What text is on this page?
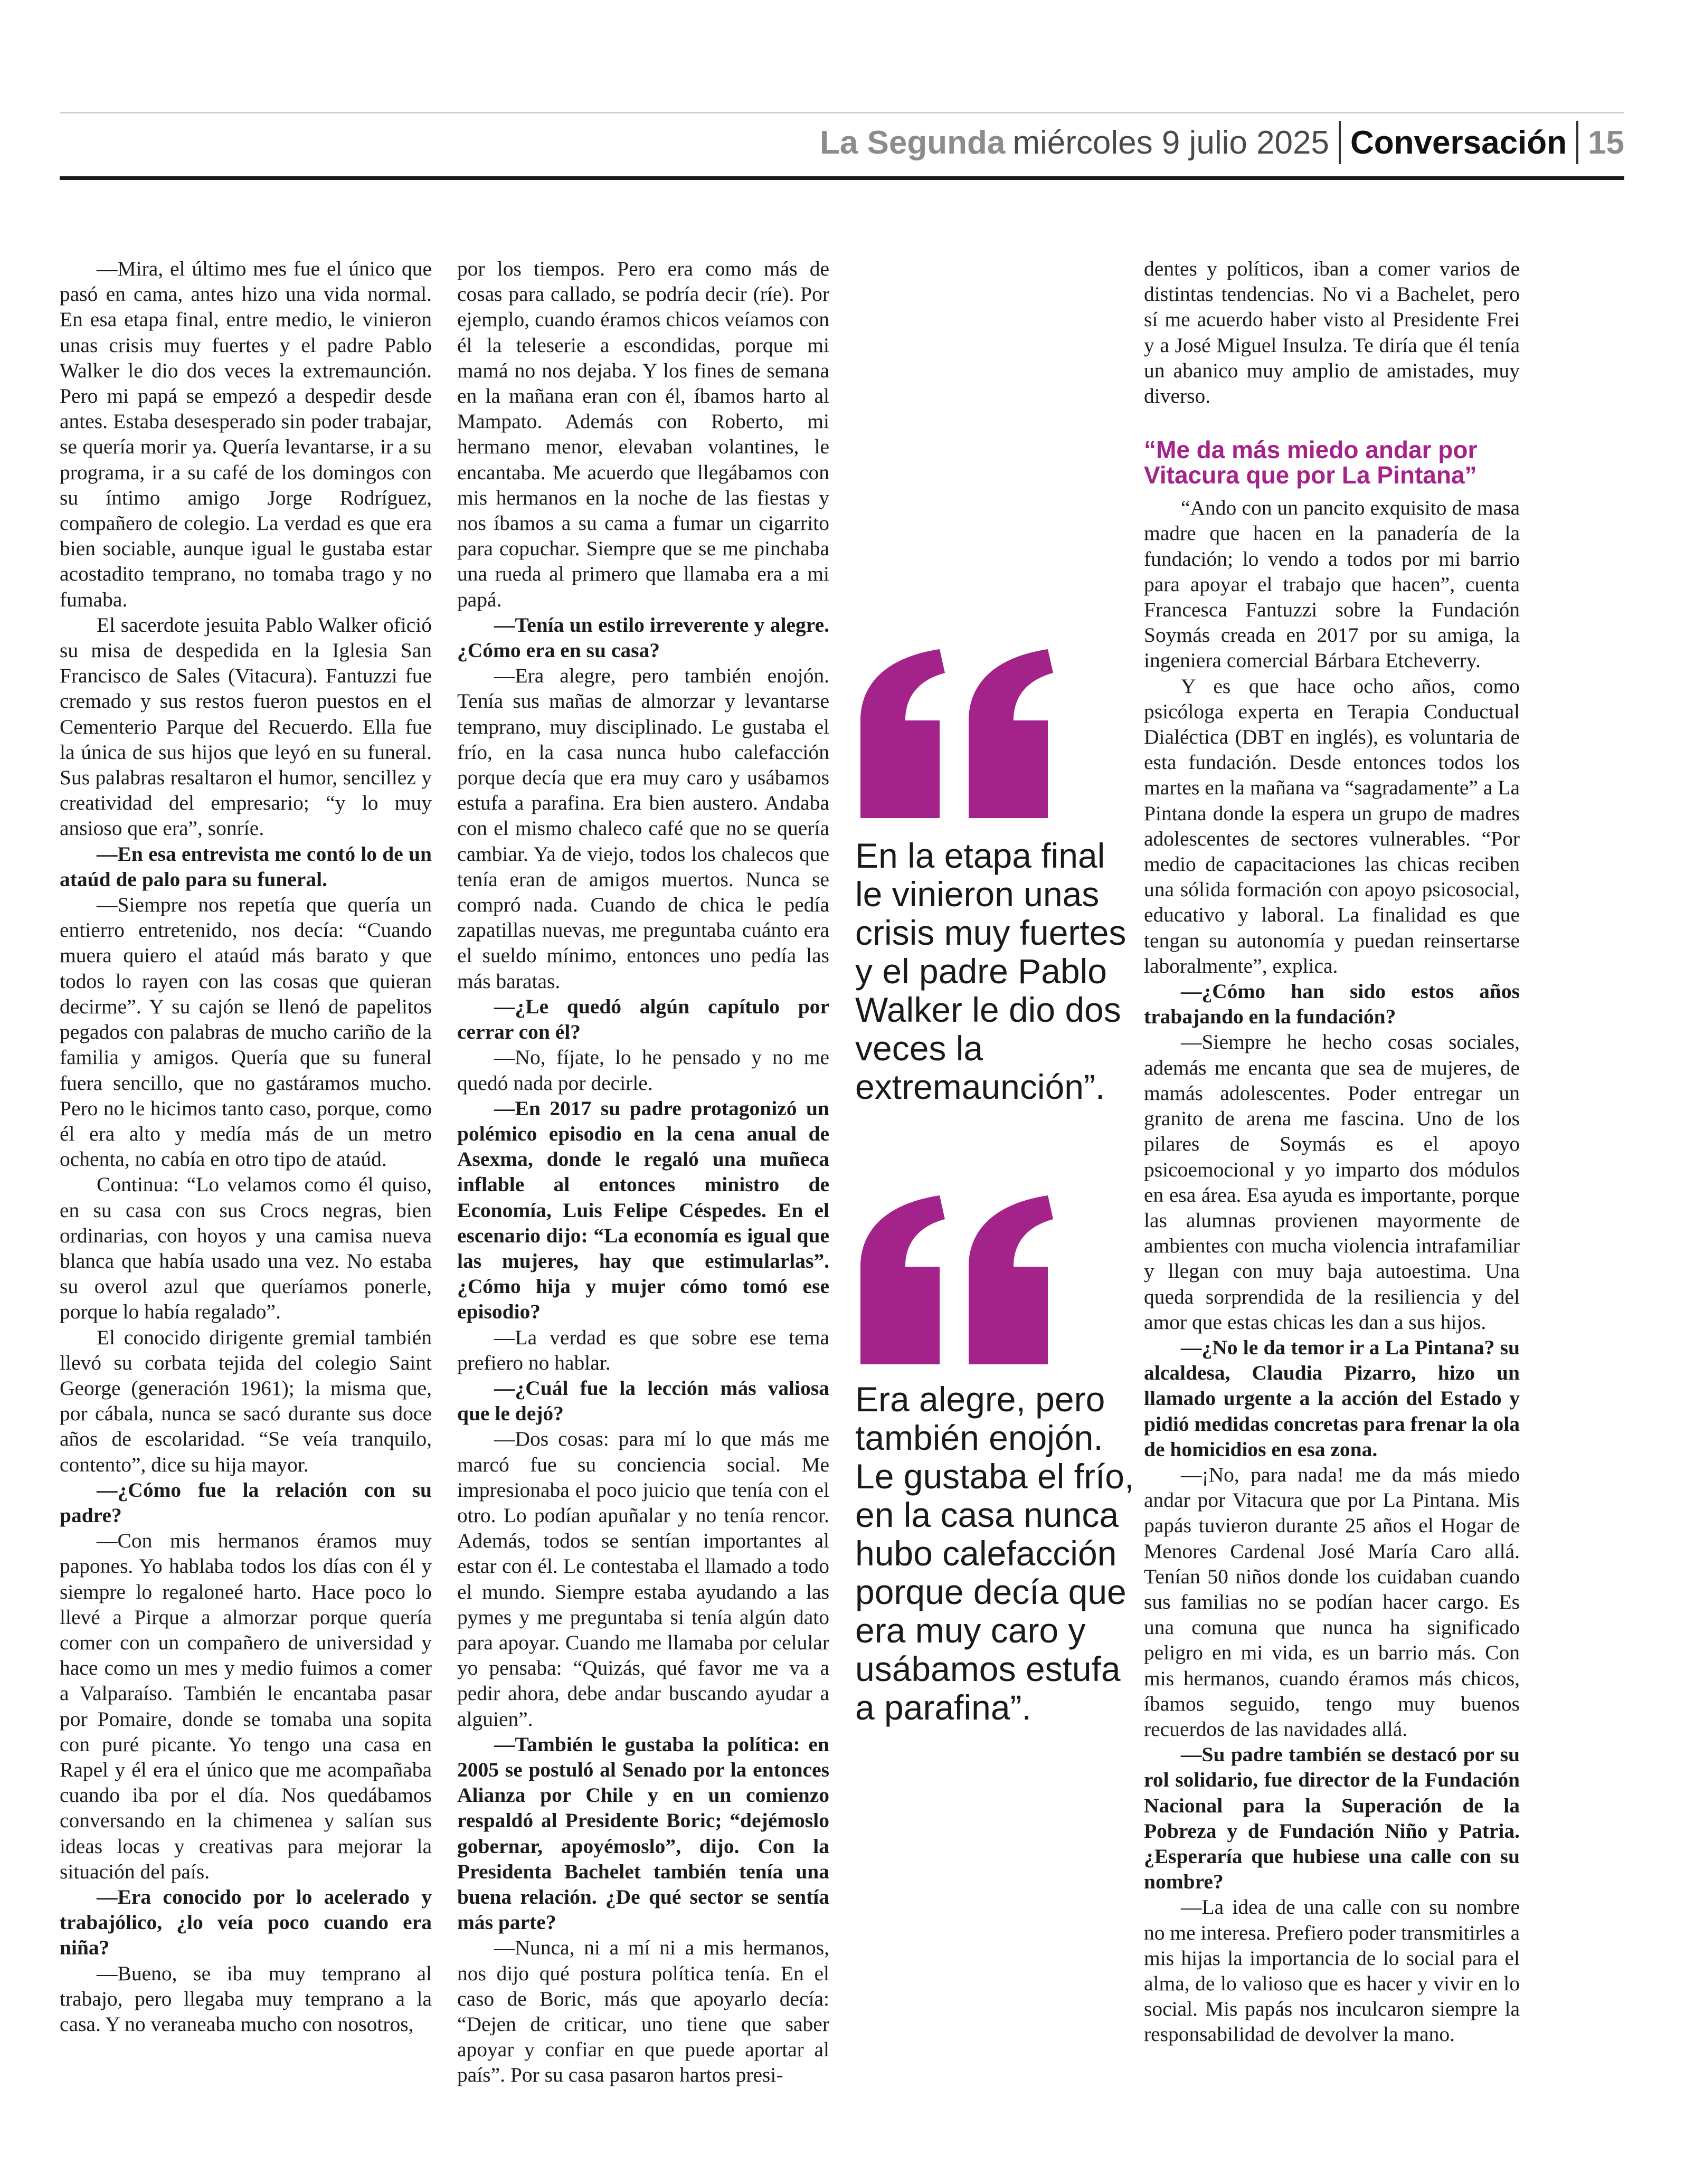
La Segunda miércoles 9 julio 2025 Conversación 15

—Mira, el último mes fue el único que pasó en cama, antes hizo una vida normal. En esa etapa final, entre medio, le vinieron unas crisis muy fuertes y el padre Pablo Walker le dio dos veces la extremaunción. Pero mi papá se empezó a despedir desde antes. Estaba desesperado sin poder trabajar, se quería morir ya. Quería levantarse, ir a su programa, ir a su café de los domingos con su íntimo amigo Jorge Rodríguez, compañero de colegio. La verdad es que era bien sociable, aunque igual le gustaba estar acostadito temprano, no tomaba trago y no fumaba.

El sacerdote jesuita Pablo Walker ofició su misa de despedida en la Iglesia San Francisco de Sales (Vitacura). Fantuzzi fue cremado y sus restos fueron puestos en el Cementerio Parque del Recuerdo. Ella fue la única de sus hijos que leyó en su funeral. Sus palabras resaltaron el humor, sencillez y creatividad del empresario; “y lo muy ansioso que era”, sonríe.

—En esa entrevista me contó lo de un ataúd de palo para su funeral.

—Siempre nos repetía que quería un entierro entretenido, nos decía: “Cuando muera quiero el ataúd más barato y que todos lo rayen con las cosas que quieran decirme”. Y su cajón se llenó de papelitos pegados con palabras de mucho cariño de la familia y amigos. Quería que su funeral fuera sencillo, que no gastáramos mucho. Pero no le hicimos tanto caso, porque, como él era alto y medía más de un metro ochenta, no cabía en otro tipo de ataúd.

Continua: “Lo velamos como él quiso, en su casa con sus Crocs negras, bien ordinarias, con hoyos y una camisa nueva blanca que había usado una vez. No estaba su overol azul que queríamos ponerle, porque lo había regalado”.

El conocido dirigente gremial también llevó su corbata tejida del colegio Saint George (generación 1961); la misma que, por cábala, nunca se sacó durante sus doce años de escolaridad. “Se veía tranquilo, contento”, dice su hija mayor.

—¿Cómo fue la relación con su padre?

—Con mis hermanos éramos muy papones. Yo hablaba todos los días con él y siempre lo regaloneé harto. Hace poco lo llevé a Pirque a almorzar porque quería comer con un compañero de universidad y hace como un mes y medio fuimos a comer a Valparaíso. También le encantaba pasar por Pomaire, donde se tomaba una sopita con puré picante. Yo tengo una casa en Rapel y él era el único que me acompañaba cuando iba por el día. Nos quedábamos conversando en la chimenea y salían sus ideas locas y creativas para mejorar la situación del país.

—Era conocido por lo acelerado y trabajólico, ¿lo veía poco cuando era niña?

—Bueno, se iba muy temprano al trabajo, pero llegaba muy temprano a la casa. Y no veraneaba mucho con nosotros,

por los tiempos. Pero era como más de cosas para callado, se podría decir (ríe). Por ejemplo, cuando éramos chicos veíamos con él la teleserie a escondidas, porque mi mamá no nos dejaba. Y los fines de semana en la mañana eran con él, íbamos harto al Mampato. Además con Roberto, mi hermano menor, elevaban volantines, le encantaba. Me acuerdo que llegábamos con mis hermanos en la noche de las fiestas y nos íbamos a su cama a fumar un cigarrito para copuchar. Siempre que se me pinchaba una rueda al primero que llamaba era a mi papá.

—Tenía un estilo irreverente y alegre. ¿Cómo era en su casa?

—Era alegre, pero también enojón. Tenía sus mañas de almorzar y levantarse temprano, muy disciplinado. Le gustaba el frío, en la casa nunca hubo calefacción porque decía que era muy caro y usábamos estufa a parafina. Era bien austero. Andaba con el mismo chaleco café que no se quería cambiar. Ya de viejo, todos los chalecos que tenía eran de amigos muertos. Nunca se compró nada. Cuando de chica le pedía zapatillas nuevas, me preguntaba cuánto era el sueldo mínimo, entonces uno pedía las más baratas.

—¿Le quedó algún capítulo por cerrar con él?

—No, fíjate, lo he pensado y no me quedó nada por decirle.

—En 2017 su padre protagonizó un polémico episodio en la cena anual de Asexma, donde le regaló una muñeca inflable al entonces ministro de Economía, Luis Felipe Céspedes. En el escenario dijo: “La economía es igual que las mujeres, hay que estimularlas”. ¿Cómo hija y mujer cómo tomó ese episodio?

—La verdad es que sobre ese tema prefiero no hablar.

—¿Cuál fue la lección más valiosa que le dejó?

—Dos cosas: para mí lo que más me marcó fue su conciencia social. Me impresionaba el poco juicio que tenía con el otro. Lo podían apuñalar y no tenía rencor. Además, todos se sentían importantes al estar con él. Le contestaba el llamado a todo el mundo. Siempre estaba ayudando a las pymes y me preguntaba si tenía algún dato para apoyar. Cuando me llamaba por celular yo pensaba: “Quizás, qué favor me va a pedir ahora, debe andar buscando ayudar a alguien”.

—También le gustaba la política: en 2005 se postuló al Senado por la entonces Alianza por Chile y en un comienzo respaldó al Presidente Boric; “dejémoslo gobernar, apoyémoslo”, dijo. Con la Presidenta Bachelet también tenía una buena relación. ¿De qué sector se sentía más parte?

—Nunca, ni a mí ni a mis hermanos, nos dijo qué postura política tenía. En el caso de Boric, más que apoyarlo decía: “Dejen de criticar, uno tiene que saber apoyar y confiar en que puede aportar al país”. Por su casa pasaron hartos presi-

En la etapa final le vinieron unas crisis muy fuertes y el padre Pablo Walker le dio dos veces la extremaunción”.
Era alegre, pero también enojón. Le gustaba el frío, en la casa nunca hubo calefacción porque decía que era muy caro y usábamos estufa a parafina”.

dentes y políticos, iban a comer varios de distintas tendencias. No vi a Bachelet, pero sí me acuerdo haber visto al Presidente Frei y a José Miguel Insulza. Te diría que él tenía un abanico muy amplio de amistades, muy diverso.

“Me da más miedo andar por Vitacura que por La Pintana”

“Ando con un pancito exquisito de masa madre que hacen en la panadería de la fundación; lo vendo a todos por mi barrio para apoyar el trabajo que hacen”, cuenta Francesca Fantuzzi sobre la Fundación Soymás creada en 2017 por su amiga, la ingeniera comercial Bárbara Etcheverry.

Y es que hace ocho años, como psicóloga experta en Terapia Conductual Dialéctica (DBT en inglés), es voluntaria de esta fundación. Desde entonces todos los martes en la mañana va “sagradamente” a La Pintana donde la espera un grupo de madres adolescentes de sectores vulnerables. “Por medio de capacitaciones las chicas reciben una sólida formación con apoyo psicosocial, educativo y laboral. La finalidad es que tengan su autonomía y puedan reinsertarse laboralmente”, explica.

—¿Cómo han sido estos años trabajando en la fundación?

—Siempre he hecho cosas sociales, además me encanta que sea de mujeres, de mamás adolescentes. Poder entregar un granito de arena me fascina. Uno de los pilares de Soymás es el apoyo psicoemocional y yo imparto dos módulos en esa área. Esa ayuda es importante, porque las alumnas provienen mayormente de ambientes con mucha violencia intrafamiliar y llegan con muy baja autoestima. Una queda sorprendida de la resiliencia y del amor que estas chicas les dan a sus hijos.

—¿No le da temor ir a La Pintana? su alcaldesa, Claudia Pizarro, hizo un llamado urgente a la acción del Estado y pidió medidas concretas para frenar la ola de homicidios en esa zona.

—¡No, para nada! me da más miedo andar por Vitacura que por La Pintana. Mis papás tuvieron durante 25 años el Hogar de Menores Cardenal José María Caro allá. Tenían 50 niños donde los cuidaban cuando sus familias no se podían hacer cargo. Es una comuna que nunca ha significado peligro en mi vida, es un barrio más. Con mis hermanos, cuando éramos más chicos, íbamos seguido, tengo muy buenos recuerdos de las navidades allá.

—Su padre también se destacó por su rol solidario, fue director de la Fundación Nacional para la Superación de la Pobreza y de Fundación Niño y Patria. ¿Esperaría que hubiese una calle con su nombre?

—La idea de una calle con su nombre no me interesa. Prefiero poder transmitirles a mis hijas la importancia de lo social para el alma, de lo valioso que es hacer y vivir en lo social. Mis papás nos inculcaron siempre la responsabilidad de devolver la mano.
